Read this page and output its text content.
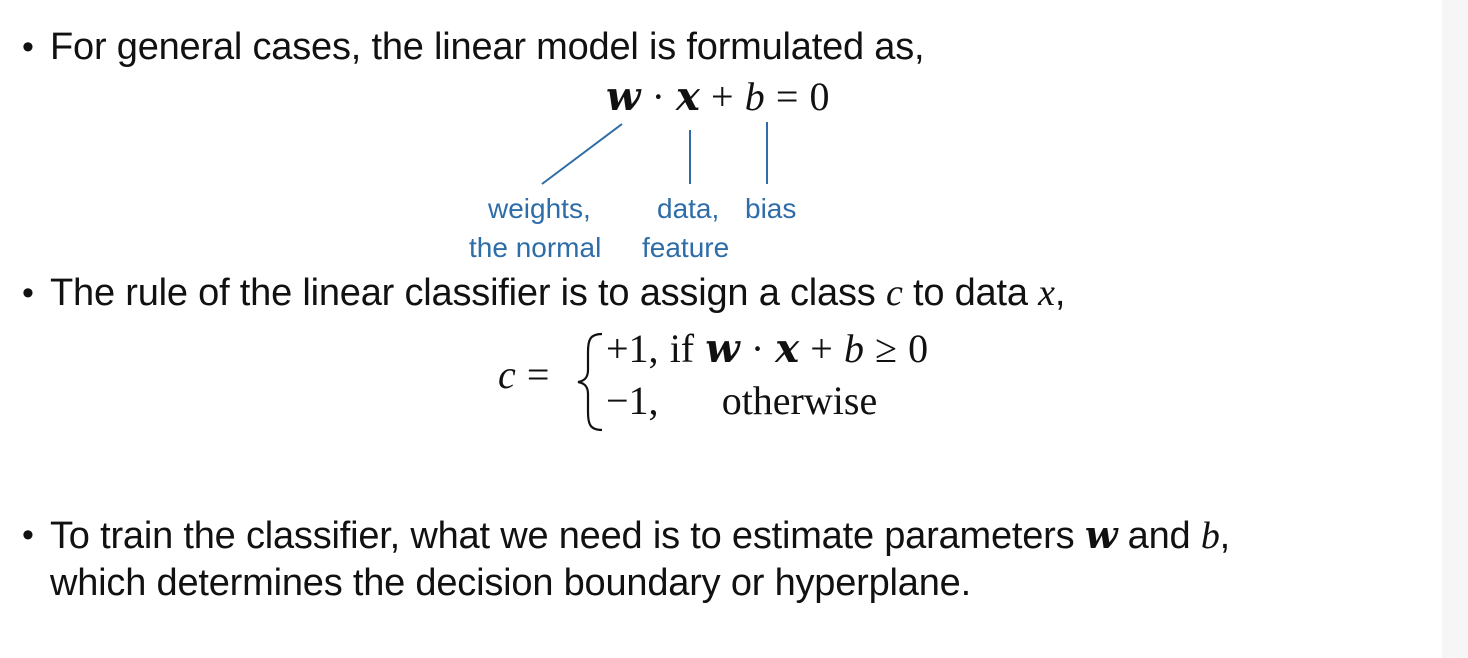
• For general cases, the linear model is formulated as,
w · x + b = 0
weights,
the normal
data,
feature
bias
• The rule of the linear classifier is to assign a class c to data x,
c =
+1, if w · x + b ≥ 0
−1, otherwise
• To train the classifier, what we need is to estimate parameters w and b,
which determines the decision boundary or hyperplane.
